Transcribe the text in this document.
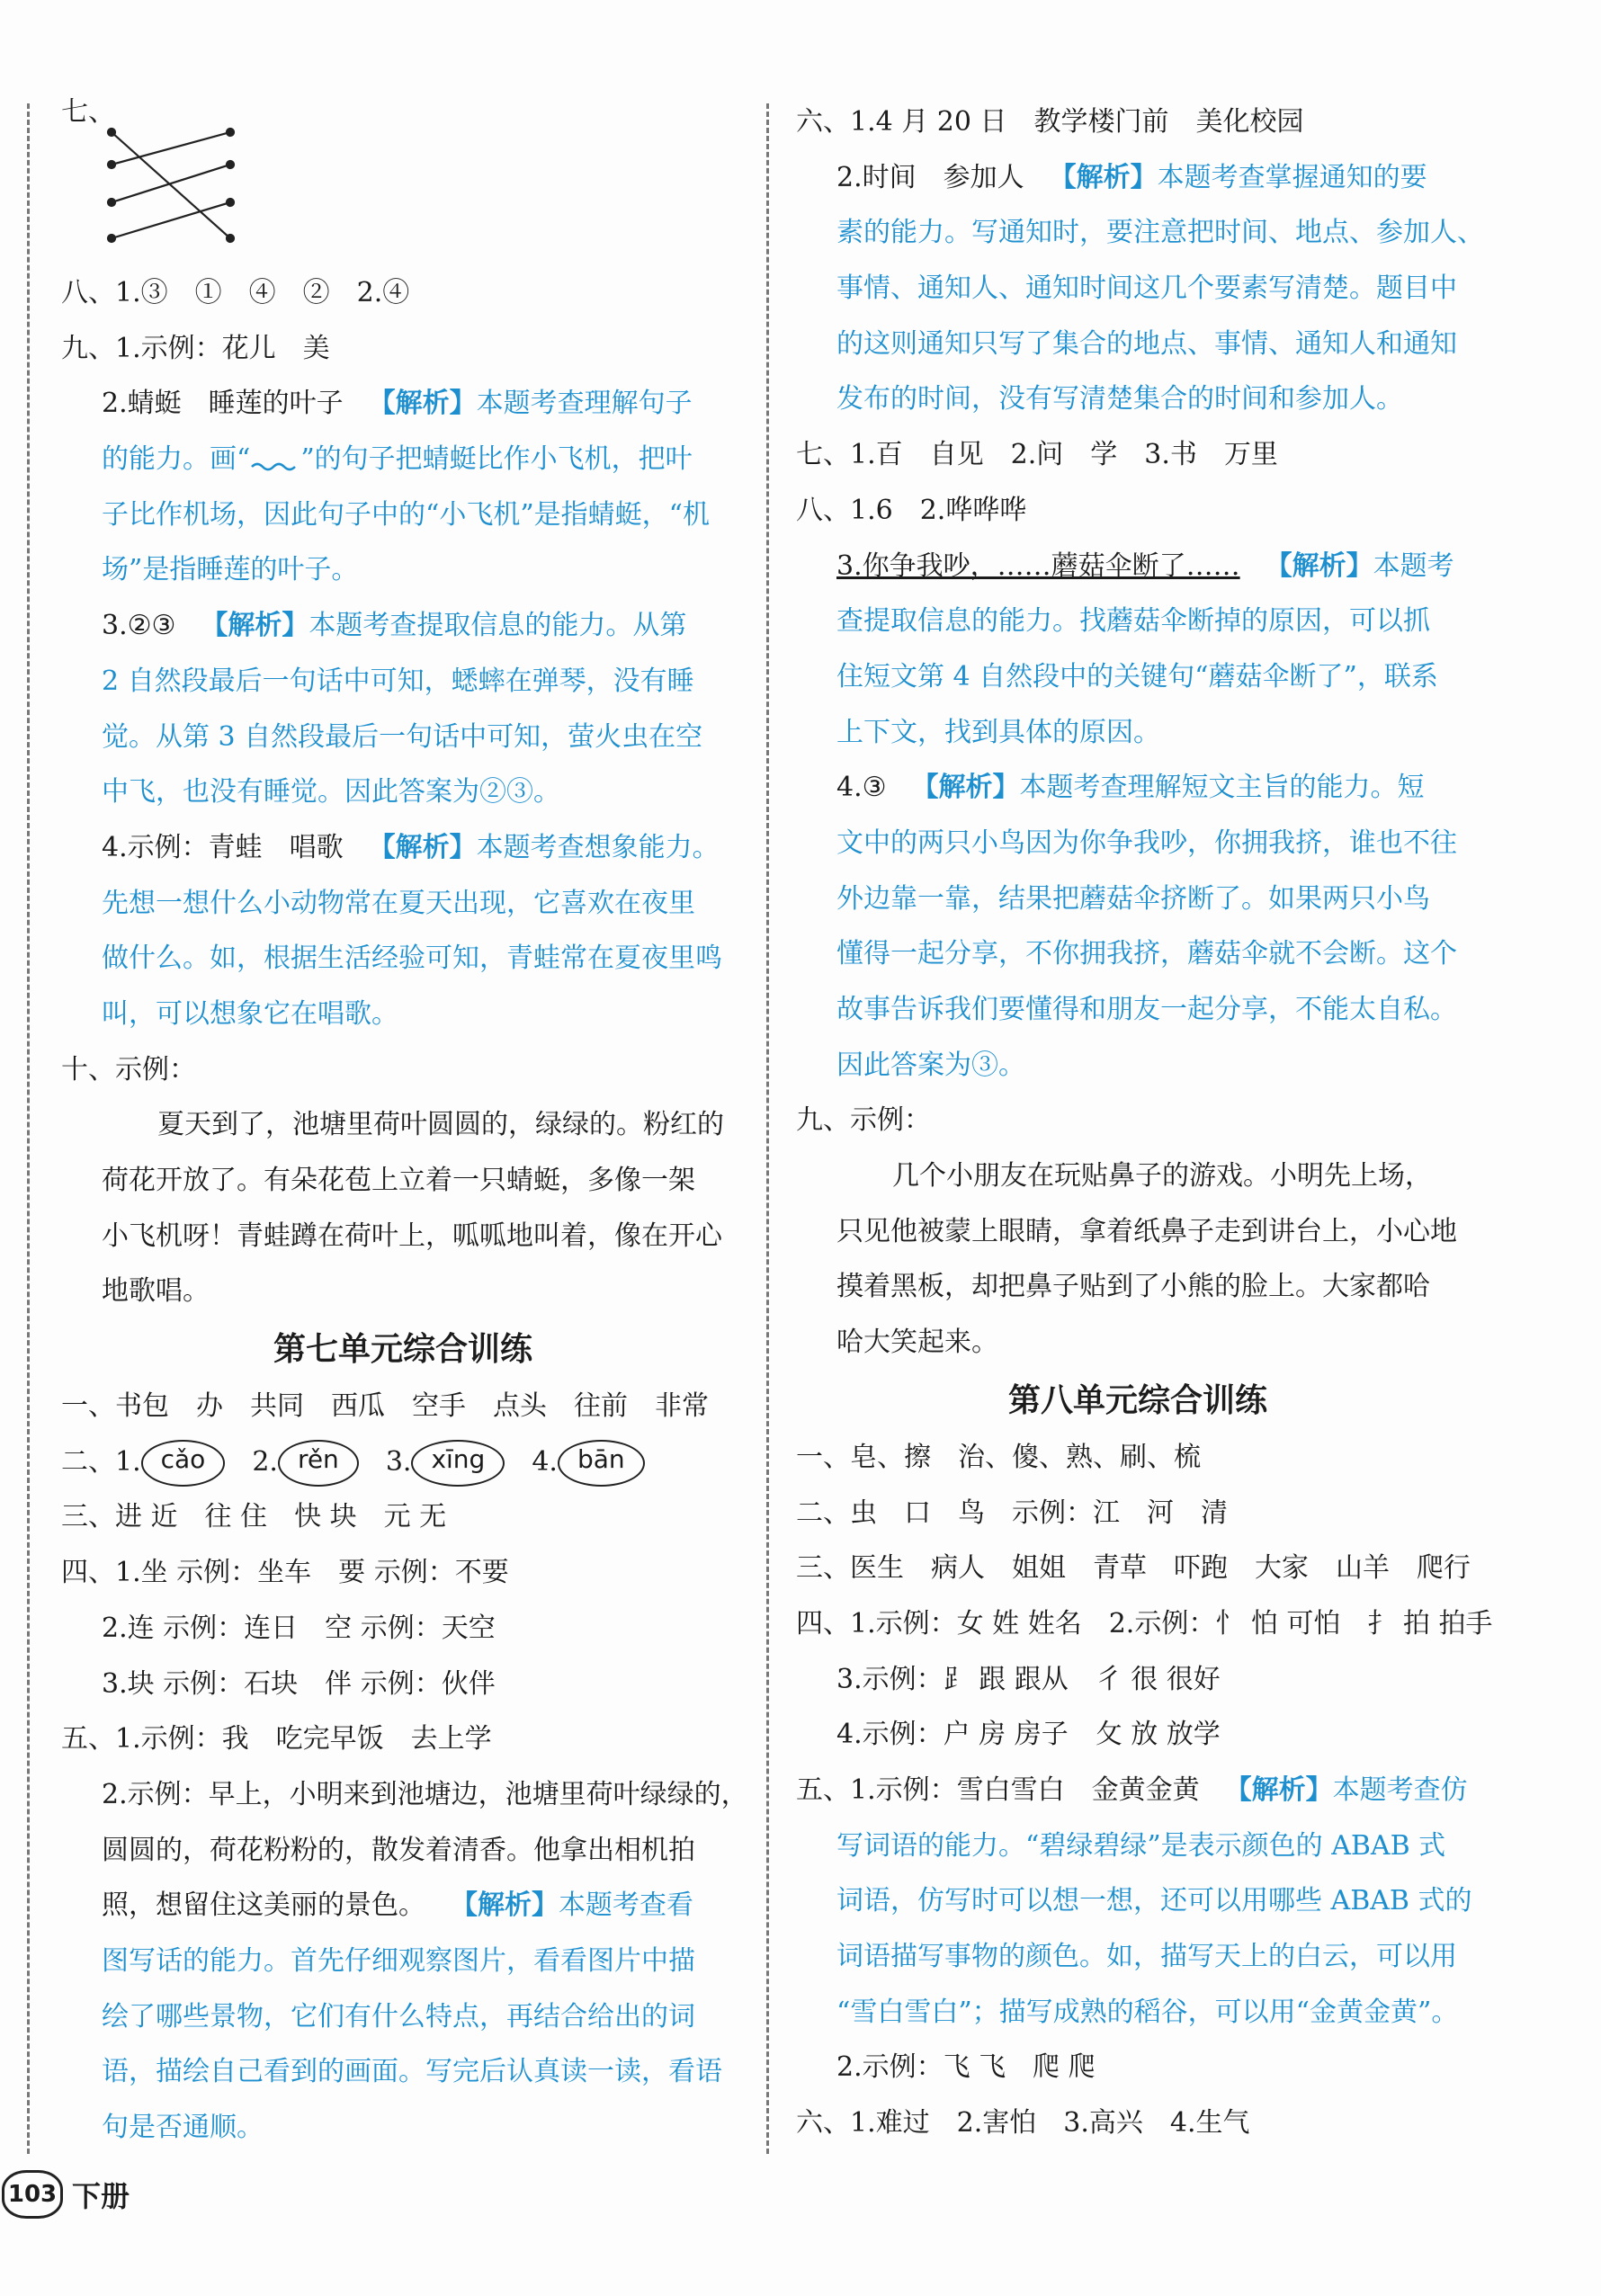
七、
八、1.③　①　④　②　2.④
九、1.示例：花儿　美
2.蜻蜓　睡莲的叶子 【解析】本题考查理解句子
的能力。画“ ”的句子把蜻蜓比作小飞机，把叶
子比作机场，因此句子中的“小飞机”是指蜻蜓，“机
场”是指睡莲的叶子。
3.②③ 【解析】本题考查提取信息的能力。从第
2 自然段最后一句话中可知，蟋蟀在弹琴，没有睡
觉。从第 3 自然段最后一句话中可知，萤火虫在空
中飞，也没有睡觉。因此答案为②③。
4.示例：青蛙　唱歌 【解析】本题考查想象能力。
先想一想什么小动物常在夏天出现，它喜欢在夜里
做什么。如，根据生活经验可知，青蛙常在夏夜里鸣
叫，可以想象它在唱歌。
十、示例：
夏天到了，池塘里荷叶圆圆的，绿绿的。粉红的
荷花开放了。有朵花苞上立着一只蜻蜓，多像一架
小飞机呀！青蛙蹲在荷叶上，呱呱地叫着，像在开心
地歌唱。
第七单元综合训练
一、书包　办　共同　西瓜　空手　点头　往前　非常
二、1. cǎo 2. rěn 3. xīng 4. bān
三、进 近　往 住　快 块　元 无
四、1.坐 示例：坐车　要 示例：不要
2.连 示例：连日　空 示例：天空
3.块 示例：石块　伴 示例：伙伴
五、1.示例：我　吃完早饭　去上学
2.示例：早上，小明来到池塘边，池塘里荷叶绿绿的，
圆圆的，荷花粉粉的，散发着清香。他拿出相机拍
照，想留住这美丽的景色。 【解析】本题考查看
图写话的能力。首先仔细观察图片，看看图片中描
绘了哪些景物，它们有什么特点，再结合给出的词
语，描绘自己看到的画面。写完后认真读一读，看语
句是否通顺。
六、1.4 月 20 日　教学楼门前　美化校园
2.时间　参加人 【解析】本题考查掌握通知的要
素的能力。写通知时，要注意把时间、地点、参加人、
事情、通知人、通知时间这几个要素写清楚。题目中
的这则通知只写了集合的地点、事情、通知人和通知
发布的时间，没有写清楚集合的时间和参加人。
七、1.百　自见　2.问　学　3.书　万里
八、1.6　2.哗哗哗
3.你争我吵，……蘑菇伞断了…… 【解析】本题考
查提取信息的能力。找蘑菇伞断掉的原因，可以抓
住短文第 4 自然段中的关键句“蘑菇伞断了”，联系
上下文，找到具体的原因。
4.③ 【解析】本题考查理解短文主旨的能力。短
文中的两只小鸟因为你争我吵，你拥我挤，谁也不往
外边靠一靠，结果把蘑菇伞挤断了。如果两只小鸟
懂得一起分享，不你拥我挤，蘑菇伞就不会断。这个
故事告诉我们要懂得和朋友一起分享，不能太自私。
因此答案为③。
九、示例：
几个小朋友在玩贴鼻子的游戏。小明先上场，
只见他被蒙上眼睛，拿着纸鼻子走到讲台上，小心地
摸着黑板，却把鼻子贴到了小熊的脸上。大家都哈
哈大笑起来。
第八单元综合训练
一、皂、擦　治、傻、熟、刷、梳
二、虫　口　鸟　示例：江　河　清
三、医生　病人　姐姐　青草　吓跑　大家　山羊　爬行
四、1.示例：女 姓 姓名　2.示例：忄 怕 可怕　扌 拍 拍手
3.示例：⻊ 跟 跟从　彳 很 很好
4.示例：户 房 房子　攵 放 放学
五、1.示例：雪白雪白　金黄金黄 【解析】本题考查仿
写词语的能力。“碧绿碧绿”是表示颜色的 ABAB 式
词语，仿写时可以想一想，还可以用哪些 ABAB 式的
词语描写事物的颜色。如，描写天上的白云，可以用
“雪白雪白”；描写成熟的稻谷，可以用“金黄金黄”。
2.示例：飞 飞　爬 爬
六、1.难过　2.害怕　3.高兴　4.生气
103 下册
